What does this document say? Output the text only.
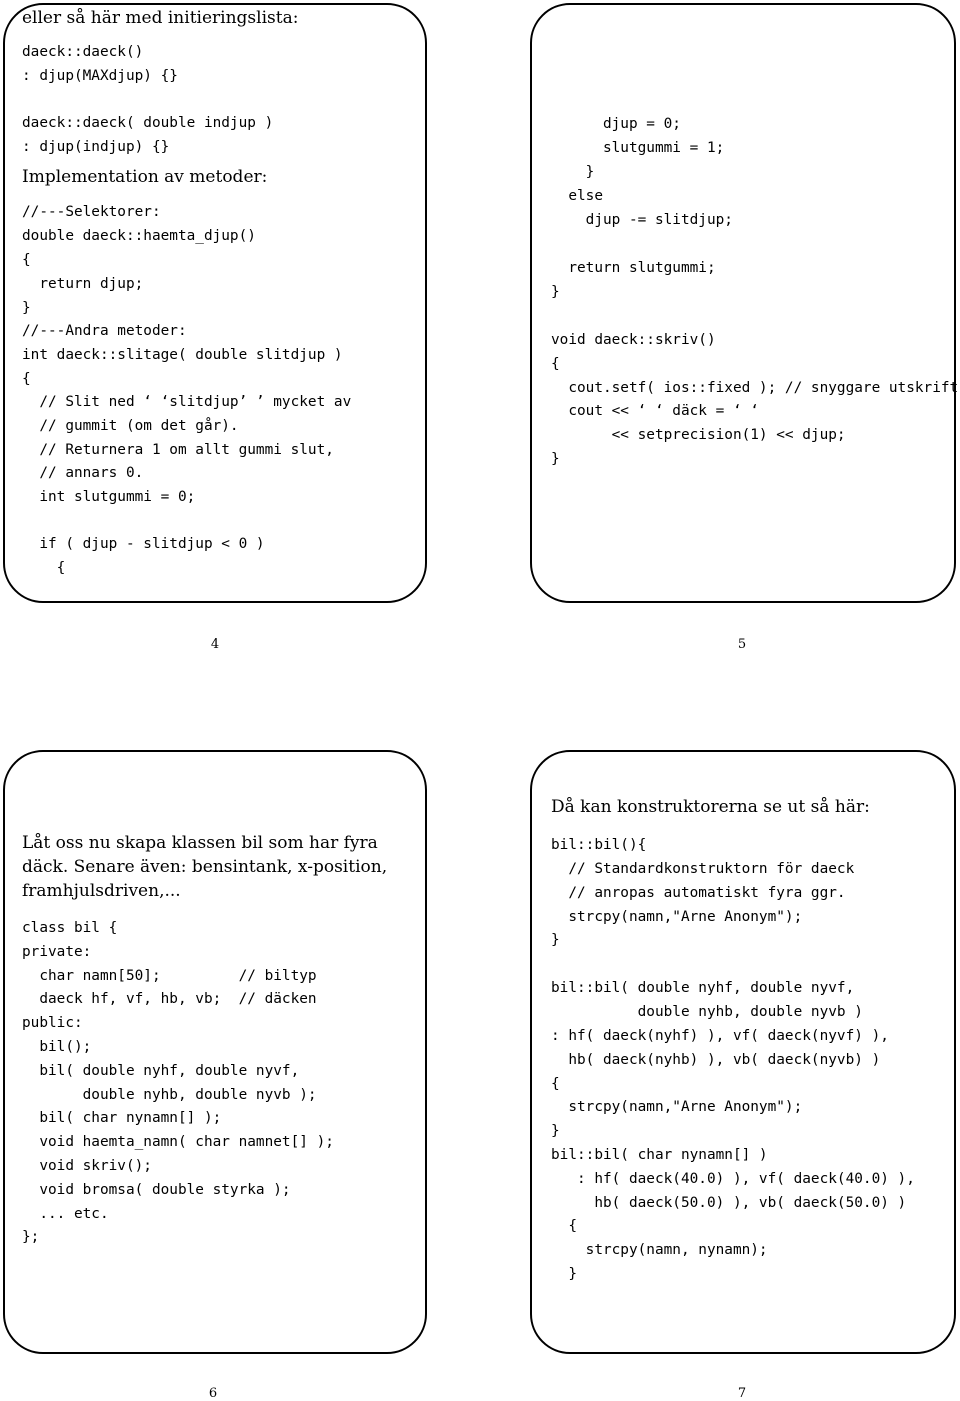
eller så här med initieringslista:
daeck::daeck()
: djup(MAXdjup) {}
daeck::daeck( double indjup )
: djup(indjup) {}
Implementation av metoder:
//---Selektorer:
double daeck::haemta_djup()
{
return djup;
}
//---Andra metoder:
int daeck::slitage( double slitdjup )
{
// Slit ned ‘ ‘slitdjup’ ’ mycket av
// gummit (om det går).
// Returnera 1 om allt gummi slut,
// annars 0.
int slutgummi = 0;
if ( djup - slitdjup < 0 )
{
djup = 0;
slutgummi = 1;
}
else
djup -= slitdjup;
return slutgummi;
}
void daeck::skriv()
{
cout.setf( ios::fixed ); // snyggare utskrift
cout << ‘ ‘ däck = ‘ ‘
<< setprecision(1) << djup;
}
Låt oss nu skapa klassen bil som har fyra
däck. Senare även: bensintank, x-position,
framhjulsdriven,...
class bil {
private:
char namn[50];         // biltyp
daeck hf, vf, hb, vb;  // däcken
public:
bil();
bil( double nyhf, double nyvf,
double nyhb, double nyvb );
bil( char nynamn[] );
void haemta_namn( char namnet[] );
void skriv();
void bromsa( double styrka );
... etc.
};
Då kan konstruktorerna se ut så här:
bil::bil(){
// Standardkonstruktorn för daeck
// anropas automatiskt fyra ggr.
strcpy(namn,"Arne Anonym");
}
bil::bil( double nyhf, double nyvf,
double nyhb, double nyvb )
: hf( daeck(nyhf) ), vf( daeck(nyvf) ),
hb( daeck(nyhb) ), vb( daeck(nyvb) )
{
strcpy(namn,"Arne Anonym");
}
bil::bil( char nynamn[] )
: hf( daeck(40.0) ), vf( daeck(40.0) ),
hb( daeck(50.0) ), vb( daeck(50.0) )
{
strcpy(namn, nynamn);
}
4	5
6	7
